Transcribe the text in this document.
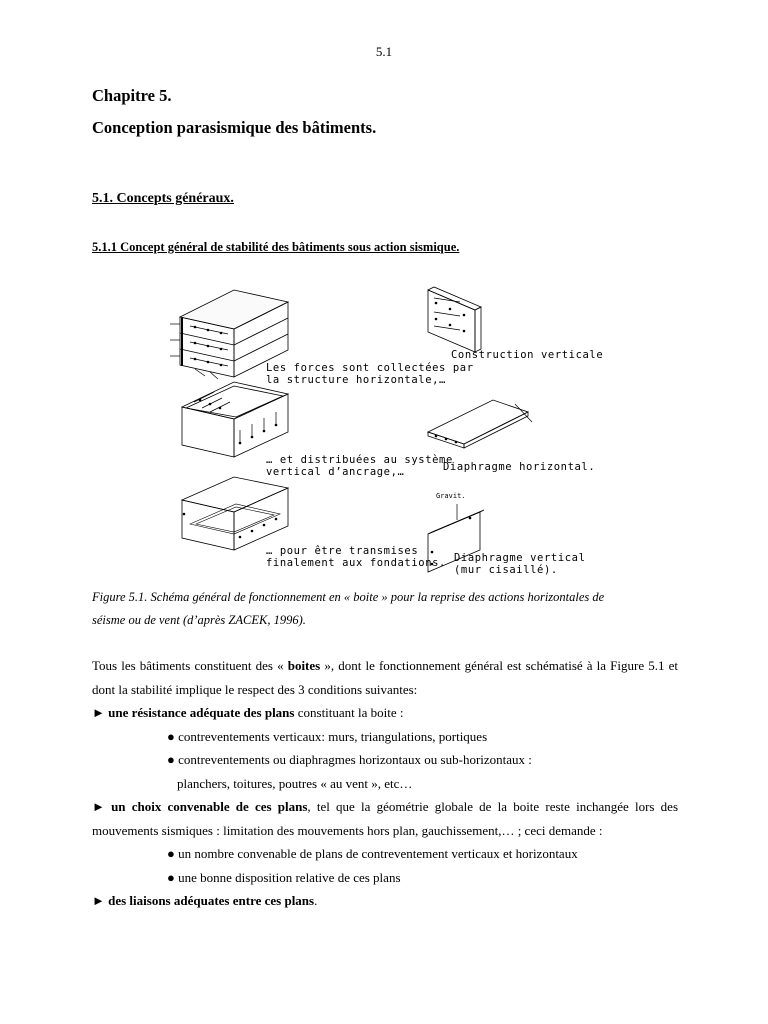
5.1
Chapitre 5.
Conception parasismique des bâtiments.
5.1. Concepts généraux.
5.1.1 Concept général de stabilité des bâtiments sous action sismique.
Les forces sont collectées par
la structure horizontale,…
… et distribuées au système
vertical d’ancrage,…
… pour être transmises
finalement aux fondations.
Construction verticale
Diaphragme horizontal.
Gravit.
Diaphragme vertical
(mur cisaillé).
Figure 5.1. Schéma général de fonctionnement en « boite » pour la reprise des actions horizontales de
séisme ou de vent (d’après ZACEK, 1996).

Tous les bâtiments constituent des « boites », dont le fonctionnement général est schématisé à la Figure 5.1 et dont la stabilité implique le respect des 3 conditions suivantes:

► une résistance adéquate des plans constituant la boite :

● contreventements verticaux: murs, triangulations, portiques

● contreventements ou diaphragmes horizontaux ou sub-horizontaux :

planchers, toitures, poutres « au vent », etc…

► un choix convenable de ces plans, tel que la géométrie globale de la boite reste inchangée lors des mouvements sismiques : limitation des mouvements hors plan, gauchissement,… ; ceci demande :

● un nombre convenable de plans de contreventement verticaux et horizontaux

● une bonne disposition relative de ces plans

► des liaisons adéquates entre ces plans.
